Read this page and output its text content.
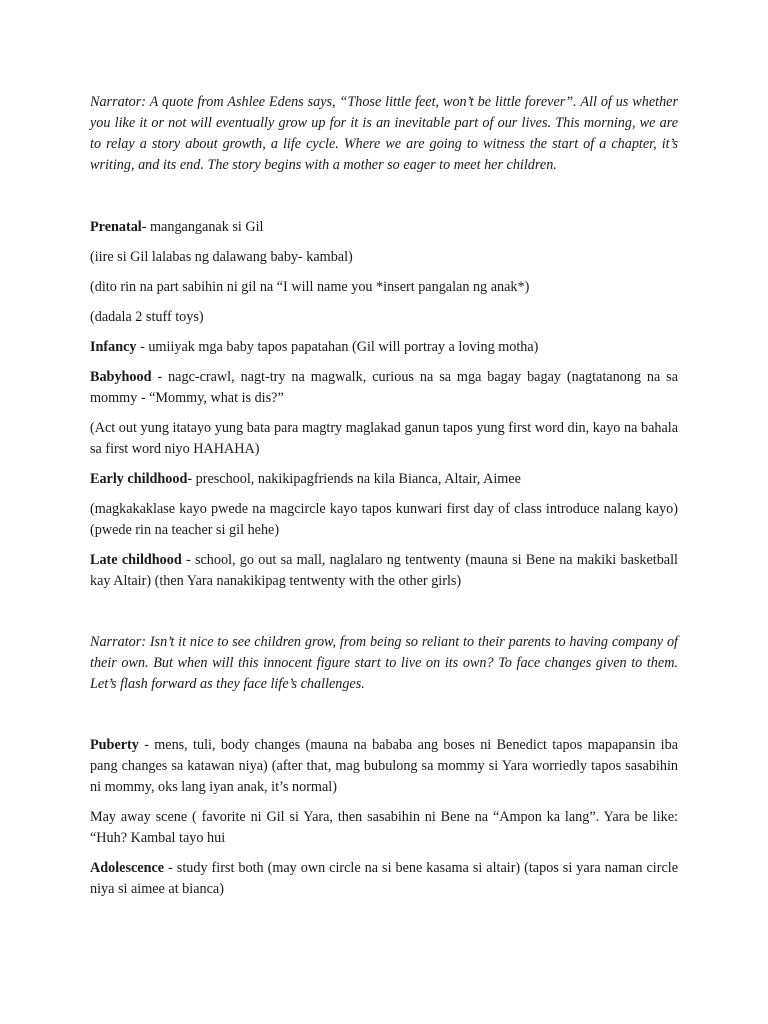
Narrator: A quote from Ashlee Edens says, “Those little feet, won’t be little forever”. All of us whether you like it or not will eventually grow up for it is an inevitable part of our lives. This morning, we are to relay a story about growth, a life cycle. Where we are going to witness the start of a chapter, it’s writing, and its end. The story begins with a mother so eager to meet her children.

Prenatal- manganganak si Gil

(iire si Gil lalabas ng dalawang baby- kambal)

(dito rin na part sabihin ni gil na “I will name you *insert pangalan ng anak*)

(dadala 2 stuff toys)

Infancy - umiiyak mga baby tapos papatahan (Gil will portray a loving motha)

Babyhood - nagc-crawl, nagt-try na magwalk, curious na sa mga bagay bagay (nagtatanong na sa mommy - “Mommy, what is dis?”

(Act out yung itatayo yung bata para magtry maglakad ganun tapos yung first word din, kayo na bahala sa first word niyo HAHAHA)

Early childhood- preschool, nakikipagfriends na kila Bianca, Altair, Aimee

(magkakaklase kayo pwede na magcircle kayo tapos kunwari first day of class introduce nalang kayo) (pwede rin na teacher si gil hehe)

Late childhood - school, go out sa mall, naglalaro ng tentwenty (mauna si Bene na makiki basketball kay Altair) (then Yara nanakikipag tentwenty with the other girls)

Narrator: Isn’t it nice to see children grow, from being so reliant to their parents to having company of their own. But when will this innocent figure start to live on its own? To face changes given to them. Let’s flash forward as they face life’s challenges.

Puberty - mens, tuli, body changes (mauna na bababa ang boses ni Benedict tapos mapapansin iba pang changes sa katawan niya) (after that, mag bubulong sa mommy si Yara worriedly tapos sasabihin ni mommy, oks lang iyan anak, it’s normal)

May away scene ( favorite ni Gil si Yara, then sasabihin ni Bene na “Ampon ka lang”. Yara be like: “Huh? Kambal tayo hui

Adolescence - study first both (may own circle na si bene kasama si altair) (tapos si yara naman circle niya si aimee at bianca)
